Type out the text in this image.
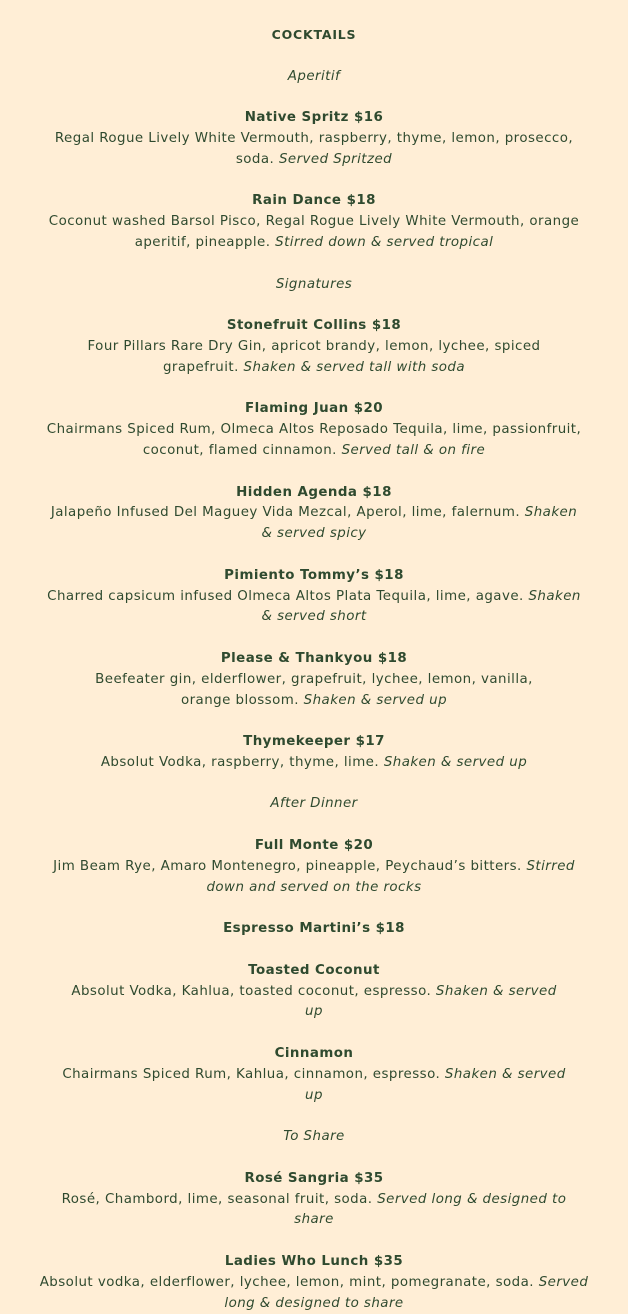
COCKTAILS
Aperitif
Native Spritz $16
Regal Rogue Lively White Vermouth, raspberry, thyme, lemon, prosecco, soda. Served Spritzed
Rain Dance $18
Coconut washed Barsol Pisco, Regal Rogue Lively White Vermouth, orange aperitif, pineapple. Stirred down & served tropical
Signatures
Stonefruit Collins $18
Four Pillars Rare Dry Gin, apricot brandy, lemon, lychee, spiced grapefruit. Shaken & served tall with soda
Flaming Juan $20
Chairmans Spiced Rum, Olmeca Altos Reposado Tequila, lime, passionfruit, coconut, flamed cinnamon. Served tall & on fire
Hidden Agenda $18
Jalapeño Infused Del Maguey Vida Mezcal, Aperol, lime, falernum. Shaken & served spicy
Pimiento Tommy’s $18
Charred capsicum infused Olmeca Altos Plata Tequila, lime, agave. Shaken & served short
Please & Thankyou $18
Beefeater gin, elderflower, grapefruit, lychee, lemon, vanilla, orange blossom. Shaken & served up
Thymekeeper $17
Absolut Vodka, raspberry, thyme, lime. Shaken & served up
After Dinner
Full Monte $20
Jim Beam Rye, Amaro Montenegro, pineapple, Peychaud’s bitters. Stirred down and served on the rocks
Espresso Martini’s $18
Toasted Coconut
Absolut Vodka, Kahlua, toasted coconut, espresso. Shaken & served up
Cinnamon
Chairmans Spiced Rum, Kahlua, cinnamon, espresso. Shaken & served up
To Share
Rosé Sangria $35
Rosé, Chambord, lime, seasonal fruit, soda. Served long & designed to share
Ladies Who Lunch $35
Absolut vodka, elderflower, lychee, lemon, mint, pomegranate, soda. Served long & designed to share
